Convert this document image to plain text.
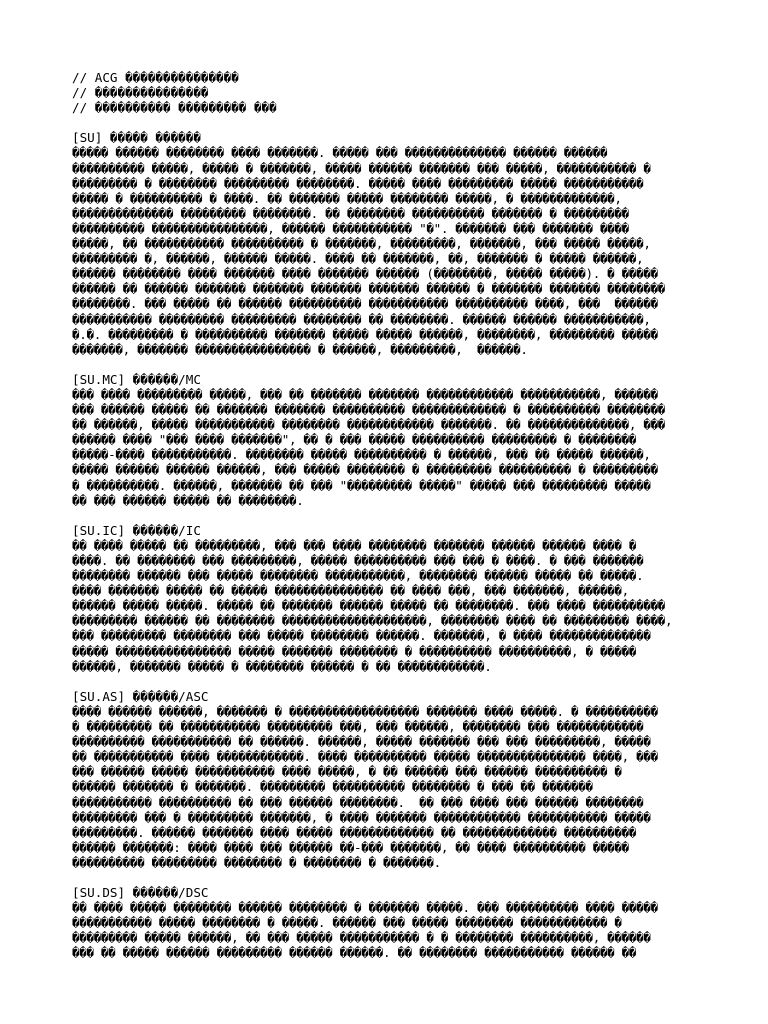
// ACG ���������������
// ���������������
// ���������� ��������� ���
[SU] ����� ������
����� ������ �������� ���� �������. ����� ��� �������������� ������ ������
���������� �����, ����� � �������, ����� ������ ������� ��� �����, ����������� �
��������� � �������� ��������� ��������. ����� ���� ��������� ����� �����������
����� � ���������� � ����. �� ������� ����� �������� �����, � �������������,
�������������� ��������� ��������. �� �������� ���������� ������� � ���������
���������� ����������������, ������ ����������� "�". ������� ��� ������� ����
�����, �� ����������� ���������� � �������, ���������, �������, ��� ����� �����,
��������� �, ������, ������ �����. ���� �� �������, ��, ������� � ����� ������,
������ �������� ���� ������� ���� ������� ������ (��������, ����� �����). � �����
������ �� ������ ������� ������� ������� ������� ������ � ������� ������� ��������
��������. ��� ����� �� ������ ���������� ����������� ���������� ����, ���  ������
����������� ��������� ��������� �������� �� ��������. ������ ������ �����������,
�.�. ��������� � ���������� ������� ����� ����� ������, ��������, ��������� �����
�������, ������� ���������������� � ������, ���������,  ������.
[SU.MC] ������/MC
��� ���� ��������� �����, ��� �� ������� ������� ������������ �����������, ������
��� ������ ����� �� ������� ������� ���������� ������������� � ���������� ��������
�� ������, ����� ����������� �������� ������������ �������. �� ��������������, ���
������ ���� "��� ���� �������", �� � ��� ����� ���������� ��������� � ��������
�����-���� �����������. �������� ����� ���������� � ������, ��� �� ����� ������,
����� ������ ������ ������, ��� ����� �������� � ��������� ���������� � ���������
� ����������. ������, ������� �� ��� "��������� �����" ����� ��� ��������� �����
�� ��� ������ ����� �� ��������.
[SU.IC] ������/IC
�� ���� ����� �� ���������, ��� ��� ���� �������� ������� ������ ������ ���� �
����. �� �������� ��� ���������, ����� ���������� ��� ��� � ����. � ��� �������
�������� ������ ��� ����� �������� �����������, �������� ������ ����� �� �����.
���� ������� ����� �� ����� ��������������� �� ���� ���, ��� �������, ������,
������ ����� �����. ����� �� ������� ������ ����� �� ��������. ��� ���� ����������
��������� ������ �� �������� ��������������������, �������� ���� �� ��������� ����,
��� ��������� �������� ��� ����� �������� ������. �������, � ���� ��������������
����� ���������������� ����� ������� �������� � ���������� ����������, � �����
������, ������� ����� � �������� ������ � �� ������������.
[SU.AS] ������/ASC
���� ������ ������, ������� � ������������������ ������� ���� �����. � ����������
� ��������� �� ����������� ��������� ���, ��� ������, �������� ��� ������������
���������� ����������� �� ������. ������, ����� ������� ��� ��� ���������, �����
�� ����������� ���� ������������. ���� ���������� ����� ��������������� ����, ���
��� ������ ����� ����������� ���� �����, � �� ������ ��� ������ ���������� �
������ ������� � �������. ��������� ���������� �������� � ��� �� �������
����������� ���������� �� ��� ������ ��������.  �� ��� ���� ��� ������ ��������
��������� ��� � ��������� �������, � ���� ������� ������������ ����������� �����
���������. ������ ������� ���� ����� ������������� �� ������������� ����������
������ �������: ���� ���� ��� ������ ��-��� �������, �� ���� ���������� �����
���������� ��������� �������� � �������� � �������.
[SU.DS] ������/DSC
�� ���� ����� �������� ������ �������� � ������� �����. ��� ���������� ���� �����
����������� ����� �������� � �����. ������ ��� ����� �������� ������������ �
��������� ����� ������, �� ��� ����� ����������� � � �������� ����������, ������
��� �� ����� ������ ��������� ������ ������. �� �������� ����������� ������ ��
